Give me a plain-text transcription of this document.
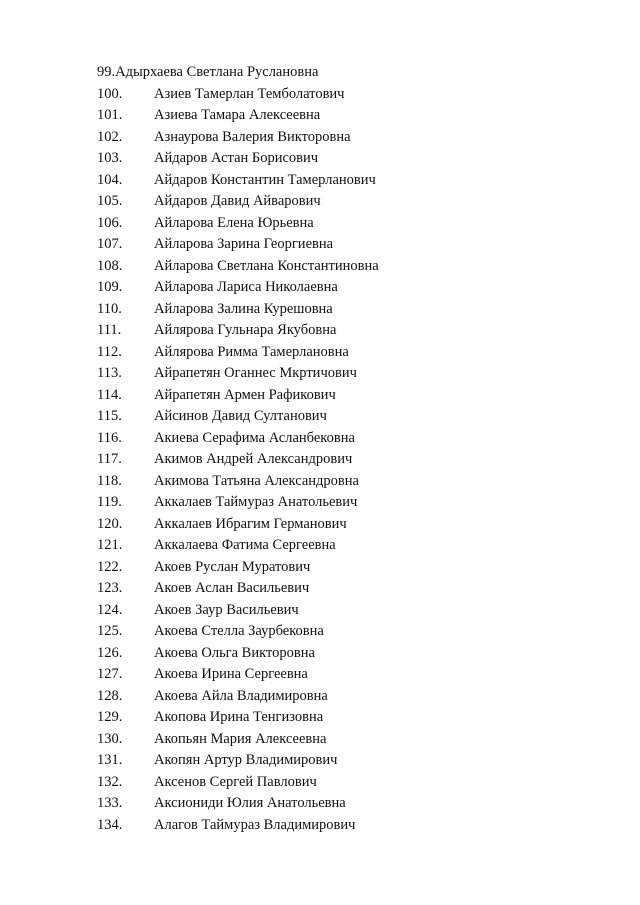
99.Адырхаева Светлана Руслановна
100.	Азиев Тамерлан Темболатович
101.	Азиева Тамара Алексеевна
102.	Азнаурова Валерия Викторовна
103.	Айдаров Астан Борисович
104.	Айдаров Константин Тамерланович
105.	Айдаров Давид Айварович
106.	Айларова Елена Юрьевна
107.	Айларова Зарина Георгиевна
108.	Айларова Светлана Константиновна
109.	Айларова Лариса Николаевна
110.	Айларова Залина Курешовна
111.	Айлярова Гульнара Якубовна
112.	Айлярова Римма Тамерлановна
113.	Айрапетян Оганнес Мкртичович
114.	Айрапетян Армен Рафикович
115.	Айсинов Давид Султанович
116.	Акиева Серафима Асланбековна
117.	Акимов Андрей Александрович
118.	Акимова Татьяна Александровна
119.	Аккалаев Таймураз Анатольевич
120.	Аккалаев Ибрагим Германович
121.	Аккалаева Фатима Сергеевна
122.	Акоев Руслан Муратович
123.	Акоев Аслан Васильевич
124.	Акоев Заур Васильевич
125.	Акоева Стелла Заурбековна
126.	Акоева Ольга Викторовна
127.	Акоева Ирина Сергеевна
128.	Акоева Айла Владимировна
129.	Акопова Ирина Тенгизовна
130.	Акопьян Мария Алексеевна
131.	Акопян Артур Владимирович
132.	Аксенов Сергей Павлович
133.	Аксиониди Юлия Анатольевна
134.	Алагов Таймураз Владимирович
